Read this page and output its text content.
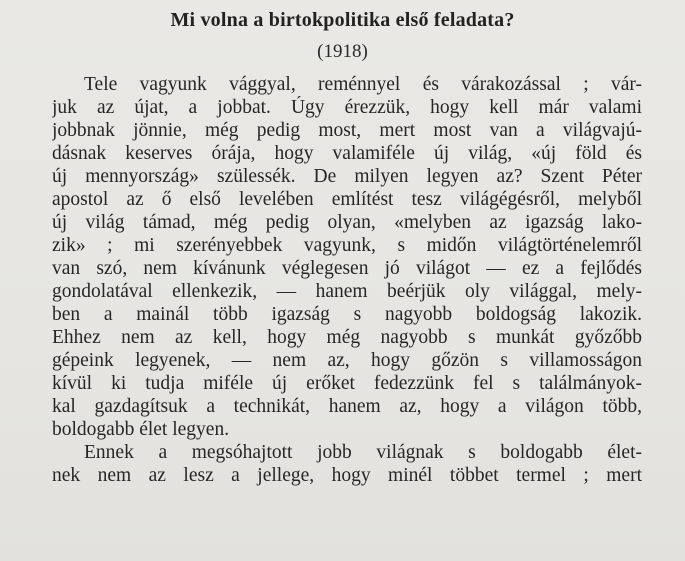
Mi volna a birtokpolitika első feladata?
(1918)
Tele vagyunk vággyal, reménnyel és várakozással ; vár-
juk az újat, a jobbat. Úgy érezzük, hogy kell már valami
jobbnak jönnie, még pedig most, mert most van a világvajú-
dásnak keserves órája, hogy valamiféle új világ, «új föld és
új mennyország» szülessék. De milyen legyen az? Szent Péter
apostol az ő első levelében említést tesz világégésről, melyből
új világ támad, még pedig olyan, «melyben az igazság lako-
zik» ; mi szerényebbek vagyunk, s midőn világtörténelemről
van szó, nem kívánunk véglegesen jó világot — ez a fejlődés
gondolatával ellenkezik, — hanem beérjük oly világgal, mely-
ben a mainál több igazság s nagyobb boldogság lakozik.
Ehhez nem az kell, hogy még nagyobb s munkát győzőbb
gépeink legyenek, — nem az, hogy gőzön s villamosságon
kívül ki tudja miféle új erőket fedezzünk fel s találmányok-
kal gazdagítsuk a technikát, hanem az, hogy a világon több,
boldogabb élet legyen.
Ennek a megsóhajtott jobb világnak s boldogabb élet-
nek nem az lesz a jellege, hogy minél többet termel ; mert
